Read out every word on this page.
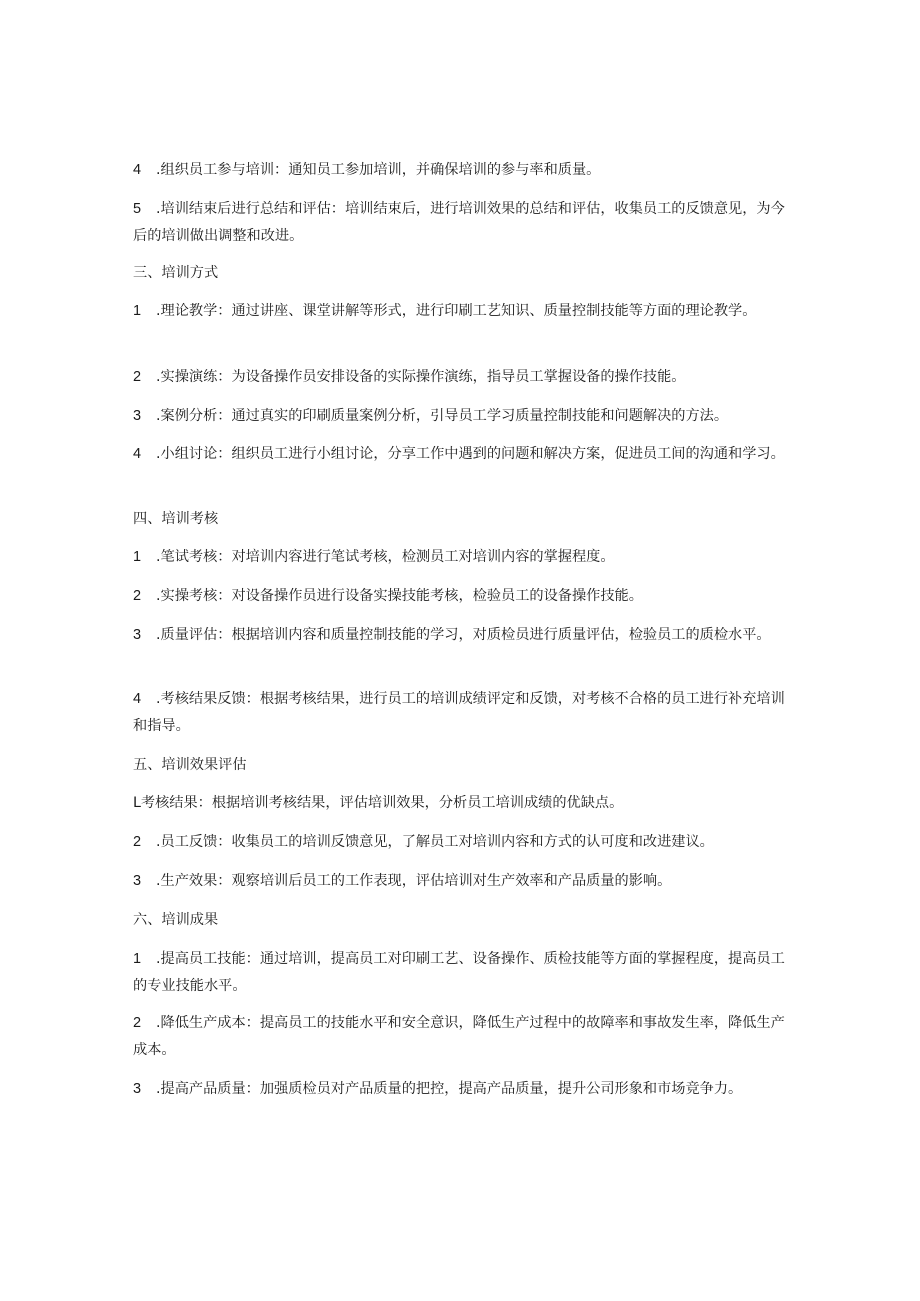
4 .组织员工参与培训：通知员工参加培训，并确保培训的参与率和质量。

5 .培训结束后进行总结和评估：培训结束后，进行培训效果的总结和评估，收集员工的反馈意见，为今后的培训做出调整和改进。

三、培训方式

1 .理论教学：通过讲座、课堂讲解等形式，进行印刷工艺知识、质量控制技能等方面的理论教学。

2 .实操演练：为设备操作员安排设备的实际操作演练，指导员工掌握设备的操作技能。

3 .案例分析：通过真实的印刷质量案例分析，引导员工学习质量控制技能和问题解决的方法。

4 .小组讨论：组织员工进行小组讨论，分享工作中遇到的问题和解决方案，促进员工间的沟通和学习。

四、培训考核

1 .笔试考核：对培训内容进行笔试考核，检测员工对培训内容的掌握程度。

2 .实操考核：对设备操作员进行设备实操技能考核，检验员工的设备操作技能。

3 .质量评估：根据培训内容和质量控制技能的学习，对质检员进行质量评估，检验员工的质检水平。

4 .考核结果反馈：根据考核结果，进行员工的培训成绩评定和反馈，对考核不合格的员工进行补充培训和指导。

五、培训效果评估

L考核结果：根据培训考核结果，评估培训效果，分析员工培训成绩的优缺点。

2 .员工反馈：收集员工的培训反馈意见，了解员工对培训内容和方式的认可度和改进建议。

3 .生产效果：观察培训后员工的工作表现，评估培训对生产效率和产品质量的影响。

六、培训成果

1 .提高员工技能：通过培训，提高员工对印刷工艺、设备操作、质检技能等方面的掌握程度，提高员工的专业技能水平。

2 .降低生产成本：提高员工的技能水平和安全意识，降低生产过程中的故障率和事故发生率，降低生产成本。

3 .提高产品质量：加强质检员对产品质量的把控，提高产品质量，提升公司形象和市场竞争力。
